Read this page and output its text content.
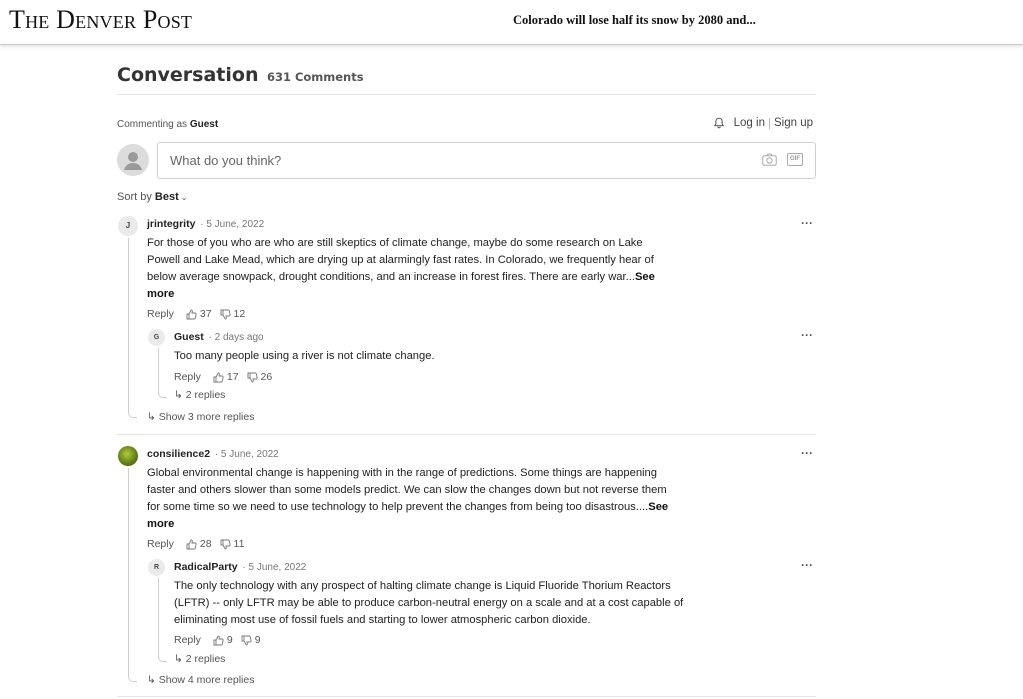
The Denver Post	Colorado will lose half its snow by 2080 and...
Conversation 631 Comments
Commenting as Guest	Log in Sign up
What do you think?	GIF
Sort by Best ⌄
J	jrintegrity · 5 June, 2022	···
For those of you who are who are still skeptics of climate change, maybe do some research on Lake Powell and Lake Mead, which are drying up at alarmingly fast rates. In Colorado, we frequently hear of below average snowpack, drought conditions, and an increase in forest fires. There are early war...See more
Reply 37 12
G	Guest · 2 days ago	···
Too many people using a river is not climate change.
Reply 17 26
↳ 2 replies
↳ Show 3 more replies
consilience2 · 5 June, 2022	···
Global environmental change is happening with in the range of predictions. Some things are happening faster and others slower than some models predict. We can slow the changes down but not reverse them for some time so we need to use technology to help prevent the changes from being too disastrous....See more
Reply 28 11
R	RadicalParty · 5 June, 2022	···
The only technology with any prospect of halting climate change is Liquid Fluoride Thorium Reactors (LFTR) -- only LFTR may be able to produce carbon-neutral energy on a scale and at a cost capable of eliminating most use of fossil fuels and starting to lower atmospheric carbon dioxide.
Reply 9 9
↳ 2 replies
↳ Show 4 more replies
